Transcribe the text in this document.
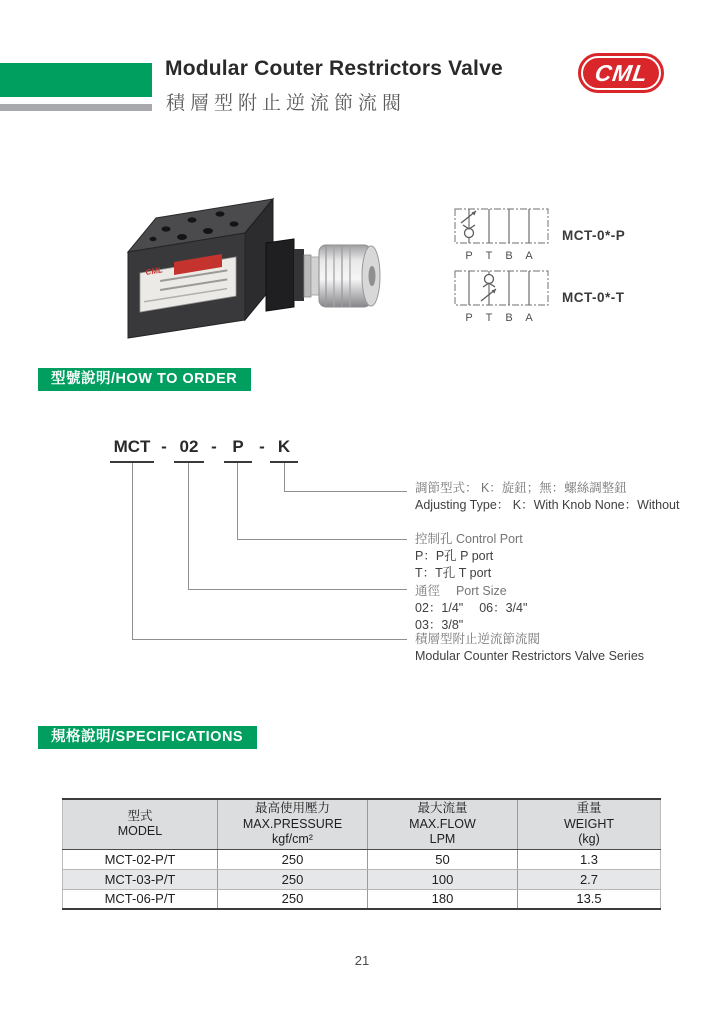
Modular Couter Restrictors Valve
積層型附止逆流節流閥
CML
CML
P T B A
MCT-0*-P
P T B A
MCT-0*-T
型號說明/HOW TO ORDER
MCT - 02 - P - K
調節型式： K：旋鈕；無：螺絲調整鈕
Adjusting Type： K：With Knob None：Without
控制孔 Control Port
P：P孔 P port
T：T孔 T port
通徑　 Port Size
02：1/4"　 06：3/4"
03：3/8"
積層型附止逆流節流閥
Modular Counter Restrictors Valve Series
規格說明/SPECIFICATIONS
型式
MODEL	最高使用壓力
MAX.PRESSURE
kgf/cm²	最大流量
MAX.FLOW
LPM	重量
WEIGHT
(kg)

MCT-02-P/T	250	50	1.3
MCT-03-P/T	250	100	2.7
MCT-06-P/T	250	180	13.5
21
